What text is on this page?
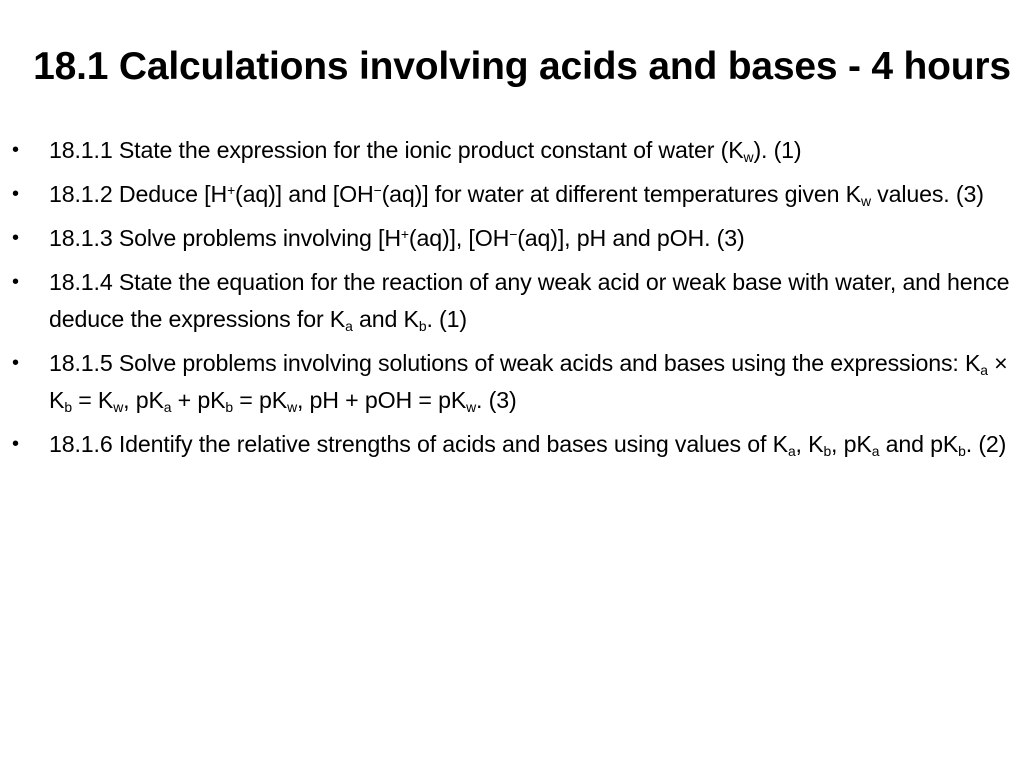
18.1 Calculations involving acids and bases - 4 hours
• 18.1.1 State the expression for the ionic product constant of water $(K_w)$. (1)
• 18.1.2 Deduce [H+(aq)] and [OH−(aq)] for water at different temperatures given $K_w$ values. (3)
• 18.1.3 Solve problems involving [H+(aq)], [OH−(aq)], pH and pOH. (3)
• 18.1.4 State the equation for the reaction of any weak acid or weak base with water, and hence deduce the expressions for $K_a$ and $K_b$. (1)
• 18.1.5 Solve problems involving solutions of weak acids and bases using the expressions: $K_a \times K_b = K_w$, $pK_a + pK_b = pK_w$, pH + pOH = $pK_w$. (3)
• 18.1.6 Identify the relative strengths of acids and bases using values of $K_a$, $K_b$, $pK_a$ and $pK_b$. (2)
